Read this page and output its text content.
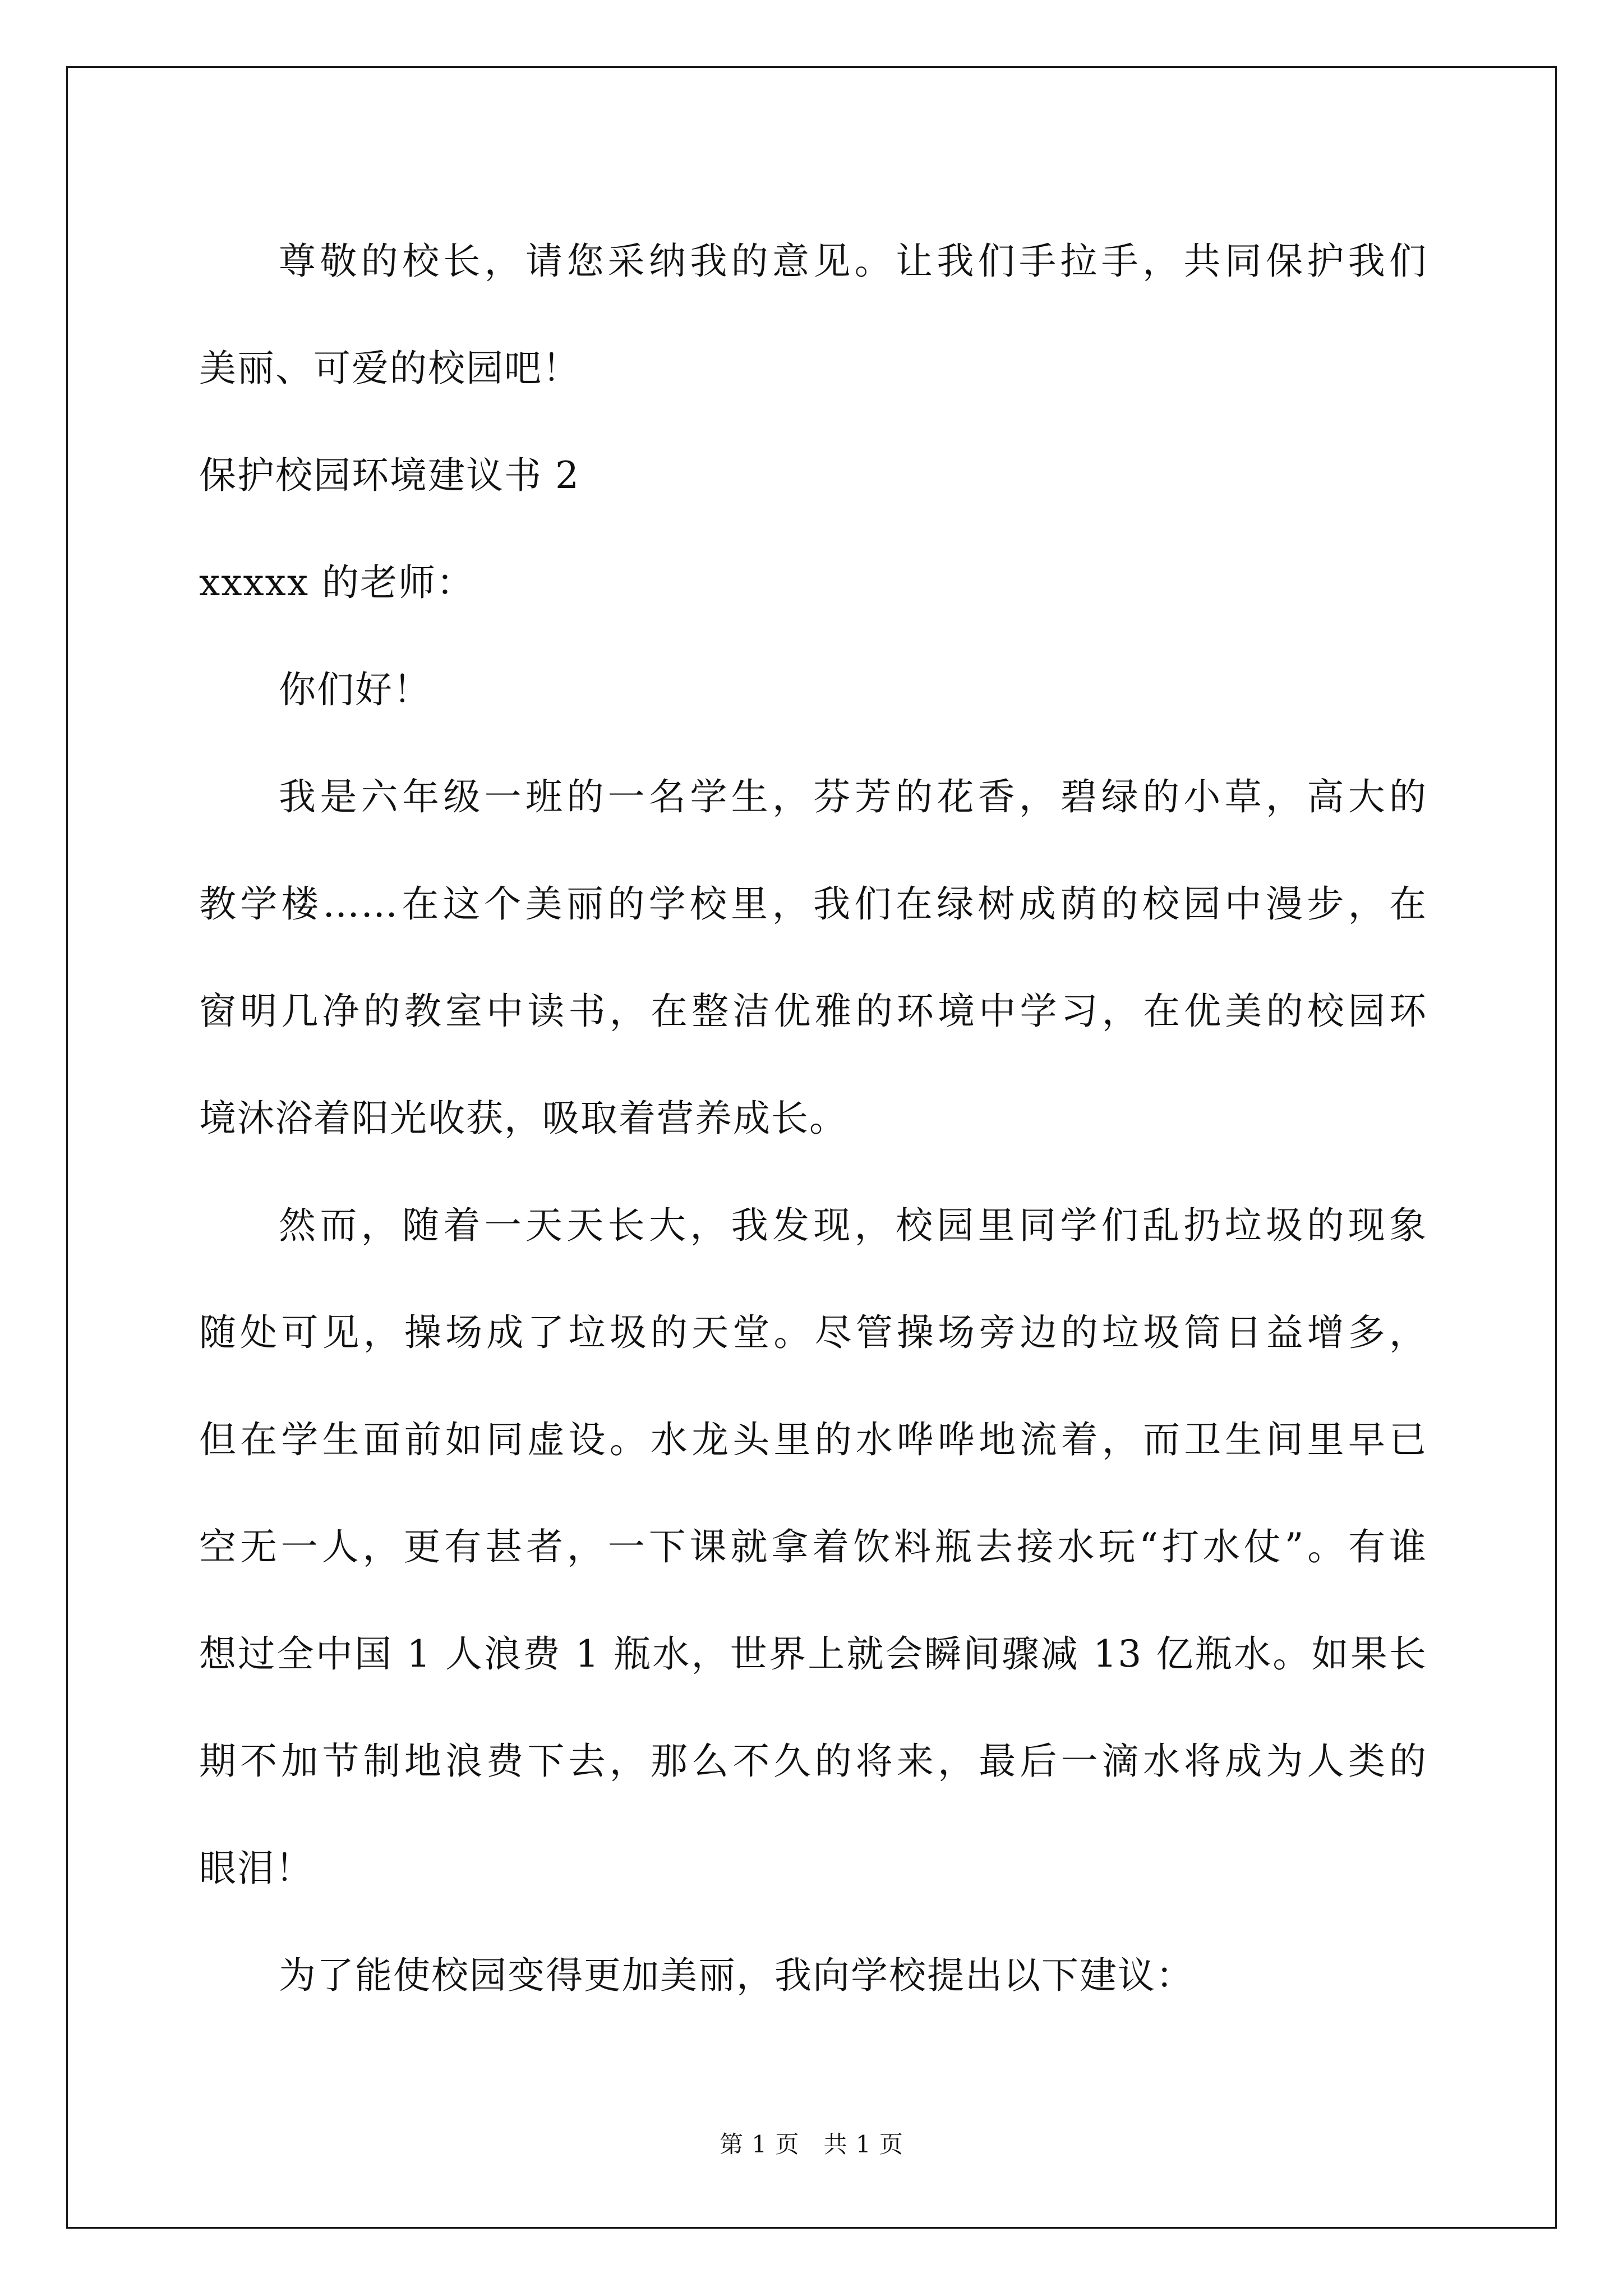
尊敬的校长，请您采纳我的意见。让我们手拉手，共同保护我们
美丽、可爱的校园吧！
保护校园环境建议书 2
xxxxx 的老师：
你们好！
我是六年级一班的一名学生，芬芳的花香，碧绿的小草，高大的
教学楼……在这个美丽的学校里，我们在绿树成荫的校园中漫步，在
窗明几净的教室中读书，在整洁优雅的环境中学习，在优美的校园环
境沐浴着阳光收获，吸取着营养成长。
然而，随着一天天长大，我发现，校园里同学们乱扔垃圾的现象
随处可见，操场成了垃圾的天堂。尽管操场旁边的垃圾筒日益增多，
但在学生面前如同虚设。水龙头里的水哗哗地流着，而卫生间里早已
空无一人，更有甚者，一下课就拿着饮料瓶去接水玩“打水仗”。有谁
想过全中国 1 人浪费 1 瓶水，世界上就会瞬间骤减 13 亿瓶水。如果长
期不加节制地浪费下去，那么不久的将来，最后一滴水将成为人类的
眼泪！
为了能使校园变得更加美丽，我向学校提出以下建议：
第 1 页　共 1 页
